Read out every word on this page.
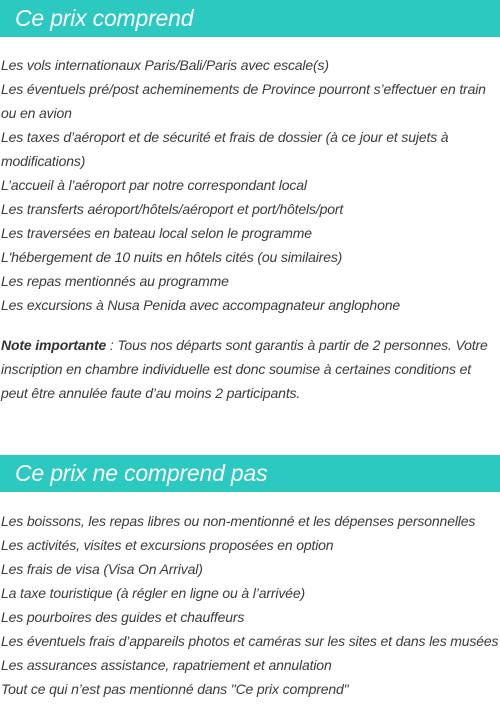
Ce prix comprend
Les vols internationaux Paris/Bali/Paris avec escale(s)
Les éventuels pré/post acheminements de Province pourront s’effectuer en train ou en avion
Les taxes d’aéroport et de sécurité et frais de dossier (à ce jour et sujets à modifications)
L’accueil à l’aéroport par notre correspondant local
Les transferts aéroport/hôtels/aéroport et port/hôtels/port
Les traversées en bateau local selon le programme
L'hébergement de 10 nuits en hôtels cités (ou similaires)
Les repas mentionnés au programme
Les excursions à Nusa Penida avec accompagnateur anglophone

Note importante : Tous nos départs sont garantis à partir de 2 personnes. Votre inscription en chambre individuelle est donc soumise à certaines conditions et peut être annulée faute d’au moins 2 participants.

Ce prix ne comprend pas
Les boissons, les repas libres ou non-mentionné et les dépenses personnelles
Les activités, visites et excursions proposées en option
Les frais de visa (Visa On Arrival)
La taxe touristique (à régler en ligne ou à l’arrivée)
Les pourboires des guides et chauffeurs
Les éventuels frais d’appareils photos et caméras sur les sites et dans les musées
Les assurances assistance, rapatriement et annulation
Tout ce qui n’est pas mentionné dans "Ce prix comprend"
